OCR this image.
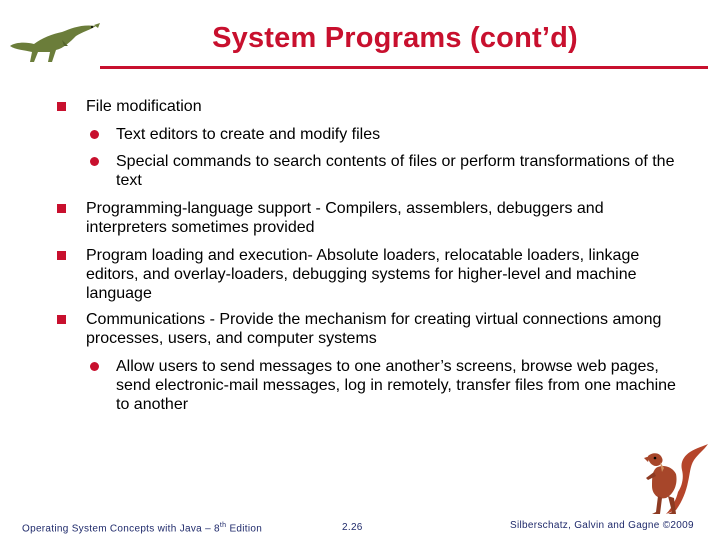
System Programs (cont’d)
File modification
Text editors to create and modify files
Special commands to search contents of files or perform transformations of the text
Programming-language support - Compilers, assemblers, debuggers and interpreters sometimes provided
Program loading and execution- Absolute loaders, relocatable loaders, linkage editors, and overlay-loaders, debugging systems for higher-level and machine language
Communications - Provide the mechanism for creating virtual connections among processes, users, and computer systems
Allow users to send messages to one another’s screens, browse web pages, send electronic-mail messages, log in remotely, transfer files from one machine to another
Operating System Concepts with Java – 8th Edition	2.26	Silberschatz, Galvin and Gagne ©2009
